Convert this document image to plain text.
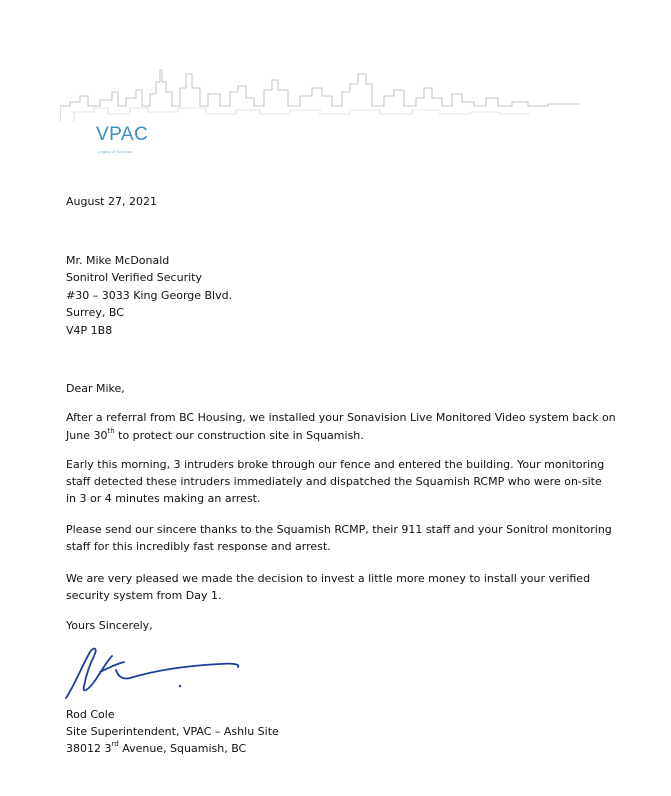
VPAC
Legacy of Success
August 27, 2021
Mr. Mike McDonald
Sonitrol Verified Security
#30 – 3033 King George Blvd.
Surrey, BC
V4P 1B8
Dear Mike,
After a referral from BC Housing, we installed your Sonavision Live Monitored Video system back on
June 30th to protect our construction site in Squamish.
Early this morning, 3 intruders broke through our fence and entered the building. Your monitoring staff detected these intruders immediately and dispatched the Squamish RCMP who were on-site in 3 or 4 minutes making an arrest.
Please send our sincere thanks to the Squamish RCMP, their 911 staff and your Sonitrol monitoring staff for this incredibly fast response and arrest.
We are very pleased we made the decision to invest a little more money to install your verified security system from Day 1.
Yours Sincerely,
Rod Cole
Site Superintendent, VPAC – Ashlu Site
38012 3rd Avenue, Squamish, BC
